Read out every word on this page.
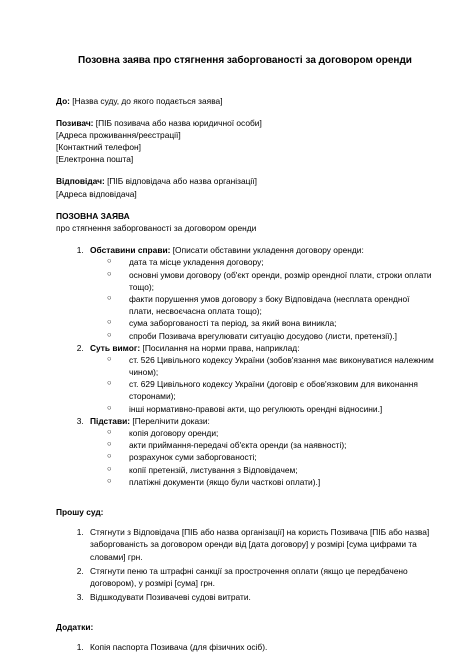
Позовна заява про стягнення заборгованості за договором оренди
До: [Назва суду, до якого подається заява]
Позивач: [ПІБ позивача або назва юридичної особи]
[Адреса проживання/реєстрації]
[Контактний телефон]
[Електронна пошта]
Відповідач: [ПІБ відповідача або назва організації]
[Адреса відповідача]
ПОЗОВНА ЗАЯВА
про стягнення заборгованості за договором оренди
1. Обставини справи: [Описати обставини укладення договору оренди:
○ дата та місце укладення договору;
○ основні умови договору (об'єкт оренди, розмір орендної плати, строки оплати тощо);
○ факти порушення умов договору з боку Відповідача (несплата орендної плати, несвоєчасна оплата тощо);
○ сума заборгованості та період, за який вона виникла;
○ спроби Позивача врегулювати ситуацію досудово (листи, претензії).]
2. Суть вимог: [Посилання на норми права, наприклад:
○ ст. 526 Цивільного кодексу України (зобов'язання має виконуватися належним чином);
○ ст. 629 Цивільного кодексу України (договір є обов'язковим для виконання сторонами);
○ інші нормативно-правові акти, що регулюють орендні відносини.]
3. Підстави: [Перелічити докази:
○ копія договору оренди;
○ акти приймання-передачі об'єкта оренди (за наявності);
○ розрахунок суми заборгованості;
○ копії претензій, листування з Відповідачем;
○ платіжні документи (якщо були часткові оплати).]
Прошу суд:
1. Стягнути з Відповідача [ПІБ або назва організації] на користь Позивача [ПІБ або назва] заборгованість за договором оренди від [дата договору] у розмірі [сума цифрами та словами] грн.
2. Стягнути пеню та штрафні санкції за прострочення оплати (якщо це передбачено договором), у розмірі [сума] грн.
3. Відшкодувати Позивачеві судові витрати.
Додатки:
1. Копія паспорта Позивача (для фізичних осіб).
